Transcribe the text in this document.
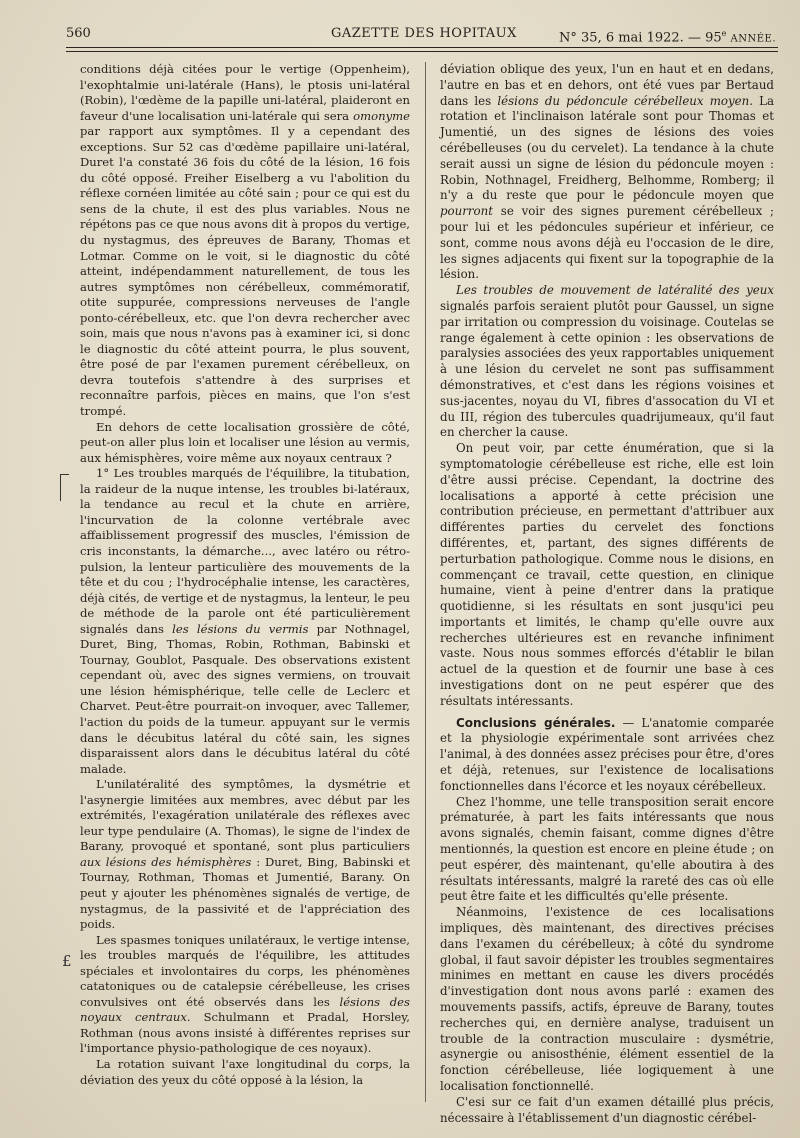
560	GAZETTE DES HOPITAUX	N° 35, 6 mai 1922. — 95e ANNÉE.
£

conditions déjà citées pour le vertige (Oppenheim), l'exophtalmie uni-latérale (Hans), le ptosis uni-latéral (Robin), l'œdème de la papille uni-latéral, plaideront en faveur d'une localisation uni-latérale qui sera omonyme par rapport aux symptômes. Il y a cependant des exceptions. Sur 52 cas d'œdème papillaire uni-latéral, Duret l'a constaté 36 fois du côté de la lésion, 16 fois du côté opposé. Freiher Eiselberg a vu l'abolition du réflexe cornéen limitée au côté sain ; pour ce qui est du sens de la chute, il est des plus variables. Nous ne répétons pas ce que nous avons dit à propos du vertige, du nystagmus, des épreuves de Barany, Thomas et Lotmar. Comme on le voit, si le diagnostic du côté atteint, indépendamment naturellement, de tous les autres symptômes non cérébelleux, commémoratif, otite suppurée, compressions nerveuses de l'angle ponto-cérébelleux, etc. que l'on devra rechercher avec soin, mais que nous n'avons pas à examiner ici, si donc le diagnostic du côté atteint pourra, le plus souvent, être posé de par l'examen purement cérébelleux, on devra toutefois s'attendre à des surprises et reconnaître parfois, pièces en mains, que l'on s'est trompé.

En dehors de cette localisation grossière de côté, peut-on aller plus loin et localiser une lésion au vermis, aux hémisphères, voire même aux noyaux centraux ?

1° Les troubles marqués de l'équilibre, la titubation, la raideur de la nuque intense, les troubles bi-latéraux, la tendance au recul et la chute en arrière, l'incurvation de la colonne vertébrale avec affaiblissement progressif des muscles, l'émission de cris inconstants, la démarche..., avec latéro ou rétro-pulsion, la lenteur particulière des mouvements de la tête et du cou ; l'hydrocéphalie intense, les caractères, déjà cités, de vertige et de nystagmus, la lenteur, le peu de méthode de la parole ont été particulièrement signalés dans les lésions du vermis par Nothnagel, Duret, Bing, Thomas, Robin, Rothman, Babinski et Tournay, Goublot, Pasquale. Des observations existent cependant où, avec des signes vermiens, on trouvait une lésion hémisphérique, telle celle de Leclerc et Charvet. Peut-être pourrait-on invoquer, avec Tallemer, l'action du poids de la tumeur. appuyant sur le vermis dans le décubitus latéral du côté sain, les signes disparaissent alors dans le décubitus latéral du côté malade.

L'unilatéralité des symptômes, la dysmétrie et l'asynergie limitées aux membres, avec début par les extrémités, l'exagération unilatérale des réflexes avec leur type pendulaire (A. Thomas), le signe de l'index de Barany, provoqué et spontané, sont plus particuliers aux lésions des hémisphères : Duret, Bing, Babinski et Tournay, Rothman, Thomas et Jumentié, Barany. On peut y ajouter les phénomènes signalés de vertige, de nystagmus, de la passivité et de l'appréciation des poids.

Les spasmes toniques unilatéraux, le vertige intense, les troubles marqués de l'équilibre, les attitudes spéciales et involontaires du corps, les phénomènes catatoniques ou de catalepsie cérébelleuse, les crises convulsives ont été observés dans les lésions des noyaux centraux. Schulmann et Pradal, Horsley, Rothman (nous avons insisté à différentes reprises sur l'importance physio-pathologique de ces noyaux).

La rotation suivant l'axe longitudinal du corps, la déviation des yeux du côté opposé à la lésion, la

déviation oblique des yeux, l'un en haut et en dedans, l'autre en bas et en dehors, ont été vues par Bertaud dans les lésions du pédoncule cérébelleux moyen. La rotation et l'inclinaison latérale sont pour Thomas et Jumentié, un des signes de lésions des voies cérébelleuses (ou du cervelet). La tendance à la chute serait aussi un signe de lésion du pédoncule moyen : Robin, Nothnagel, Freidherg, Belhomme, Romberg; il n'y a du reste que pour le pédoncule moyen que pourront se voir des signes purement cérébelleux ; pour lui et les pédoncules supérieur et inférieur, ce sont, comme nous avons déjà eu l'occasion de le dire, les signes adjacents qui fixent sur la topographie de la lésion.

Les troubles de mouvement de latéralité des yeux signalés parfois seraient plutôt pour Gaussel, un signe par irritation ou compression du voisinage. Coutelas se range également à cette opinion : les observations de paralysies associées des yeux rapportables uniquement à une lésion du cervelet ne sont pas suffisamment démonstratives, et c'est dans les régions voisines et sus-jacentes, noyau du VI, fibres d'assocation du VI et du III, région des tubercules quadrijumeaux, qu'il faut en chercher la cause.

On peut voir, par cette énumération, que si la symptomatologie cérébelleuse est riche, elle est loin d'être aussi précise. Cependant, la doctrine des localisations a apporté à cette précision une contribution précieuse, en permettant d'attribuer aux différentes parties du cervelet des fonctions différentes, et, partant, des signes différents de perturbation pathologique. Comme nous le disions, en commençant ce travail, cette question, en clinique humaine, vient à peine d'entrer dans la pratique quotidienne, si les résultats en sont jusqu'ici peu importants et limités, le champ qu'elle ouvre aux recherches ultérieures est en revanche infiniment vaste. Nous nous sommes efforcés d'établir le bilan actuel de la question et de fournir une base à ces investigations dont on ne peut espérer que des résultats intéressants.

Conclusions générales. — L'anatomie comparée et la physiologie expérimentale sont arrivées chez l'animal, à des données assez précises pour être, d'ores et déjà, retenues, sur l'existence de localisations fonctionnelles dans l'écorce et les noyaux cérébelleux.

Chez l'homme, une telle transposition serait encore prématurée, à part les faits intéressants que nous avons signalés, chemin faisant, comme dignes d'être mentionnés, la question est encore en pleine étude ; on peut espérer, dès maintenant, qu'elle aboutira à des résultats intéressants, malgré la rareté des cas où elle peut être faite et les difficultés qu'elle présente.

Néanmoins, l'existence de ces localisations impliques, dès maintenant, des directives précises dans l'examen du cérébelleux; à côté du syndrome global, il faut savoir dépister les troubles segmentaires minimes en mettant en cause les divers procédés d'investigation dont nous avons parlé : examen des mouvements passifs, actifs, épreuve de Barany, toutes recherches qui, en dernière analyse, traduisent un trouble de la contraction musculaire : dysmétrie, asynergie ou anisosthénie, élément essentiel de la fonction cérébelleuse, liée logiquement à une localisation fonctionnellé.

C'esi sur ce fait d'un examen détaillé plus précis, nécessaire à l'établissement d'un diagnostic cérébel-
